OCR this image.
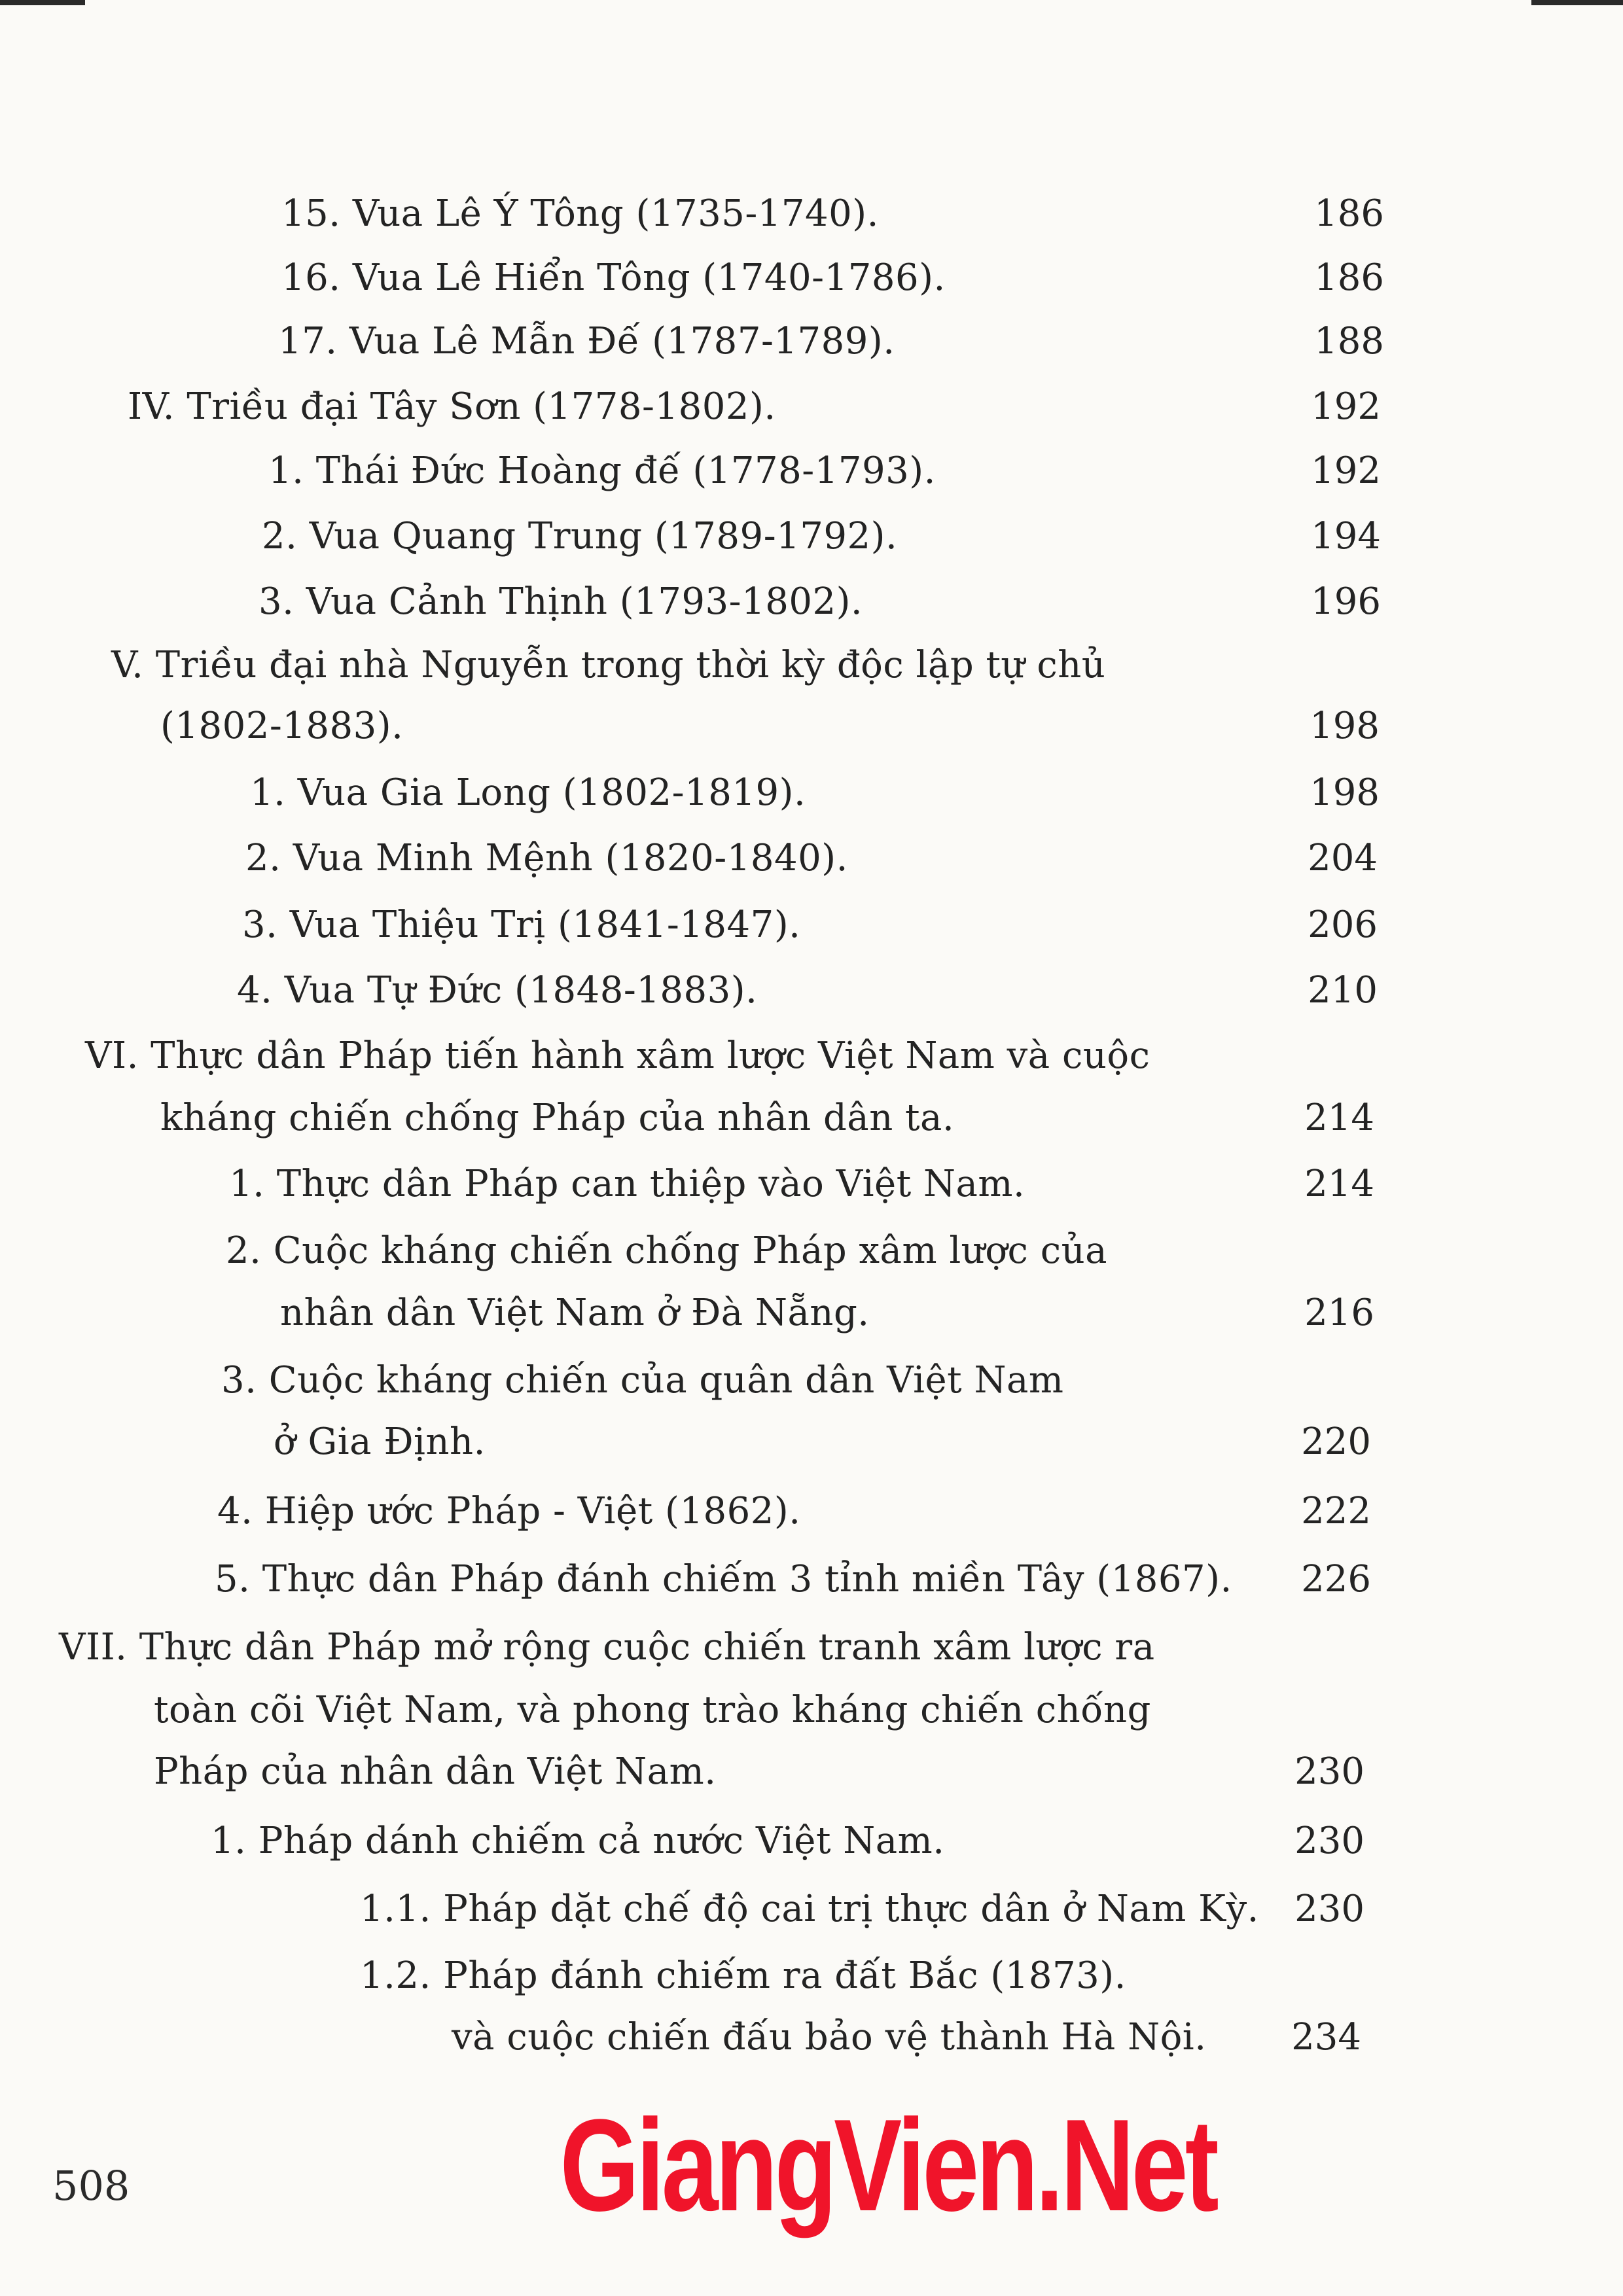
15. Vua Lê Ý Tông (1735-1740).	186
16. Vua Lê Hiển Tông (1740-1786).	186
17. Vua Lê Mẫn Đế (1787-1789).	188
IV. Triều đại Tây Sơn (1778-1802).	192
1. Thái Đức Hoàng đế (1778-1793).	192
2. Vua Quang Trung (1789-1792).	194
3. Vua Cảnh Thịnh (1793-1802).	196
V. Triều đại nhà Nguyễn trong thời kỳ độc lập tự chủ
(1802-1883).	198
1. Vua Gia Long (1802-1819).	198
2. Vua Minh Mệnh (1820-1840).	204
3. Vua Thiệu Trị (1841-1847).	206
4. Vua Tự Đức (1848-1883).	210
VI. Thực dân Pháp tiến hành xâm lược Việt Nam và cuộc
kháng chiến chống Pháp của nhân dân ta.	214
1. Thực dân Pháp can thiệp vào Việt Nam.	214
2. Cuộc kháng chiến chống Pháp xâm lược của
nhân dân Việt Nam ở Đà Nẵng.	216
3. Cuộc kháng chiến của quân dân Việt Nam
ở Gia Định.	220
4. Hiệp ước Pháp - Việt (1862).	222
5. Thực dân Pháp đánh chiếm 3 tỉnh miền Tây (1867).	226
VII. Thực dân Pháp mở rộng cuộc chiến tranh xâm lược ra
toàn cõi Việt Nam, và phong trào kháng chiến chống
Pháp của nhân dân Việt Nam.	230
1. Pháp dánh chiếm cả nước Việt Nam.	230
1.1. Pháp dặt chế độ cai trị thực dân ở Nam Kỳ. 230
1.2. Pháp đánh chiếm ra đất Bắc (1873).
và cuộc chiến đấu bảo vệ thành Hà Nội.	234
508	GiangVien.Net
